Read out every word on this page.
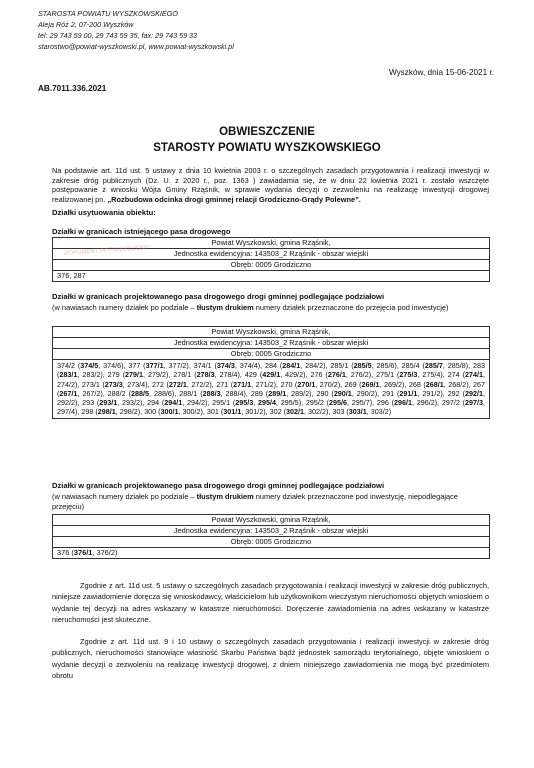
STAROSTA POWIATU WYSZKOWSKIEGO
Aleja Róż 2, 07-200 Wyszków
tel: 29 743 59 00, 29 743 59 35, fax: 29 743 59 33
starostwo@powiat-wyszkowski.pl, www.powiat-wyszkowski.pl
Wyszków, dnia 15-06-2021 r.
AB.7011.336.2021
OBWIESZCZENIE
STAROSTY POWIATU WYSZKOWSKIEGO
Na podstawie art. 11d ust. 5 ustawy z dnia 10 kwietnia 2003 r. o szczególnych zasadach przygotowania i realizacji inwestycji w zakresie dróg publicznych (Dz. U. z 2020 r., poz. 1363 ) zawiadamia się, że w dniu 22 kwietnia 2021 r. zostało wszczęte postępowanie z wniosku Wójta Gminy Rząśnik, w sprawie wydania decyzji o zezwoleniu na realizację inwestycji drogowej realizowanej pn. „Rozbudowa odcinka drogi gminnej relacji Grodziczno-Grądy Polewne”.
Działki usytuowania obiektu:
Działki w granicach istniejącego pasa drogowego
Powiat Wyszkowski, gmina Rząśnik,
Jednostka ewidencyjna: 143503_2 Rząśnik - obszar wiejski
Obręb: 0005 Grodziczno
376, 287
DOKUMENT POTWIERDZONY
Działki w granicach projektowanego pasa drogowego drogi gminnej podlegające podziałowi
(w nawiasach numery działek po podziale – tłustym drukiem numery działek przeznaczone do przejęcia pod inwestycję)
Powiat Wyszkowski, gmina Rząśnik,
Jednostka ewidencyjna: 143503_2 Rząśnik - obszar wiejski
Obręb: 0005 Grodziczno
374/2 (374/5, 374/6), 377 (377/1, 377/2), 374/1 (374/3, 374/4), 284 (284/1, 284/2), 285/1 (285/5, 285/6), 285/4 (285/7, 285/8), 283 (283/1, 283/2), 279 (279/1, 279/2), 278/1 (278/3, 278/4), 429 (429/1, 429/2), 276 (276/1, 276/2), 275/1 (275/3, 275/4), 274 (274/1, 274/2), 273/1 (273/3, 273/4), 272 (272/1, 272/2), 271 (271/1, 271/2), 270 (270/1, 270/2), 269 (269/1, 269/2), 268 (268/1, 268/2), 267 (267/1, 267/2), 288/2 (288/5, 288/6), 288/1 (288/3, 288/4), 289 (289/1, 289/2), 290 (290/1, 290/2), 291 (291/1, 291/2), 292 (292/1, 292/2), 293 (293/1, 293/2), 294 (294/1, 294/2), 295/1 (295/3, 295/4, 295/5), 295/2 (295/6, 295/7), 296 (296/1, 296/2), 297/2 (297/3, 297/4), 298 (298/1, 298/2), 300 (300/1, 300/2), 301 (301/1, 301/2), 302 (302/1, 302/2), 303 (303/1, 303/2)
Działki w granicach projektowanego pasa drogowego drogi gminnej podlegające podziałowi
(w nawiasach numery działek po podziale – tłustym drukiem numery działek przeznaczone pod inwestycję, niepodlegające przejęciu)
Powiat Wyszkowski, gmina Rząśnik,
Jednostka ewidencyjna: 143503_2 Rząśnik - obszar wiejski
Obręb: 0005 Grodziczno
376 (376/1, 376/2)
Zgodnie z art. 11d ust. 5 ustawy o szczególnych zasadach przygotowania i realizacji inwestycji w zakresie dróg publicznych, niniejsze zawiadomienie doręcza się wnioskodawcy, właścicielom lub użytkownikom wieczystym nieruchomości objętych wnioskiem o wydanie tej decyzji na adres wskazany w katastrze nieruchomości. Doręczenie zawiadomienia na adres wskazany w katastrze nieruchomości jest skuteczne.
Zgodnie z art. 11d ust. 9 i 10 ustawy o szczególnych zasadach przygotowania i realizacji inwestycji w zakresie dróg publicznych, nieruchomości stanowiące własność Skarbu Państwa bądź jednostek samorządu terytorialnego, objęte wnioskiem o wydanie decyzji o zezwoleniu na realizację inwestycji drogowej, z dniem niniejszego zawiadomienia nie mogą być przedmiotem obrotu
